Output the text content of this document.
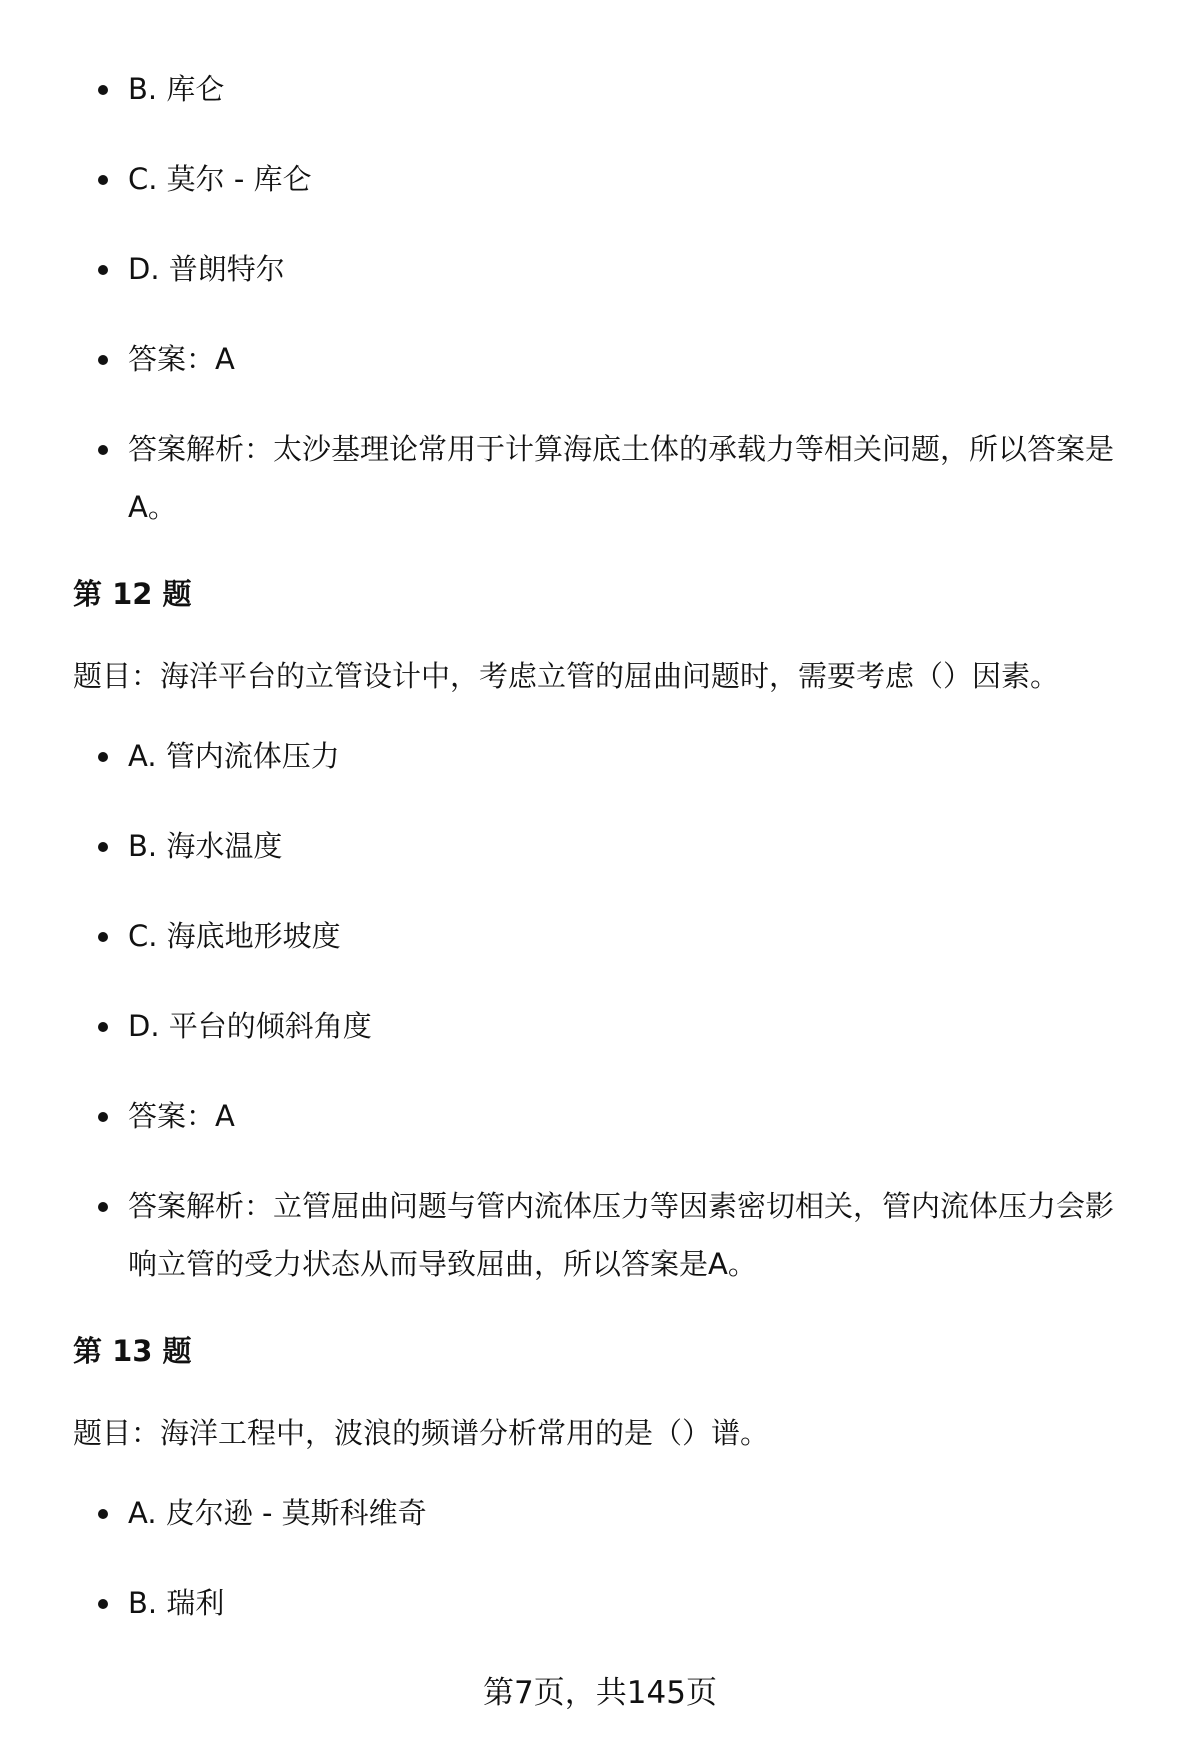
B. 库仑
C. 莫尔 - 库仑
D. 普朗特尔
答案：A
答案解析：太沙基理论常用于计算海底土体的承载力等相关问题，所以答案是A。
第 12 题

题目：海洋平台的立管设计中，考虑立管的屈曲问题时，需要考虑（）因素。

A. 管内流体压力
B. 海水温度
C. 海底地形坡度
D. 平台的倾斜角度
答案：A
答案解析：立管屈曲问题与管内流体压力等因素密切相关，管内流体压力会影响立管的受力状态从而导致屈曲，所以答案是A。
第 13 题

题目：海洋工程中，波浪的频谱分析常用的是（）谱。

A. 皮尔逊 - 莫斯科维奇
B. 瑞利
第7页，共145页
